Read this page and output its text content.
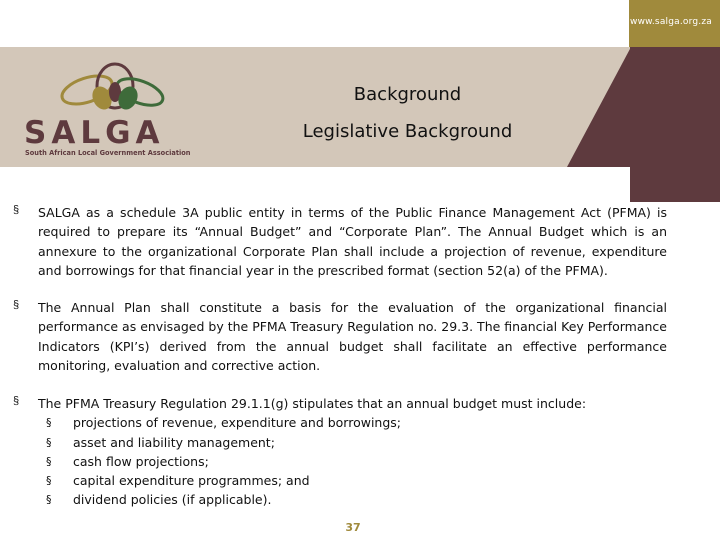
www.salga.org.za
SALGA
South African Local Government Association
Background
Legislative Background
§ SALGA as a schedule 3A public entity in terms of the Public Finance Management Act (PFMA) is required to prepare its “Annual Budget” and “Corporate Plan”. The Annual Budget which is an annexure to the organizational Corporate Plan shall include a projection of revenue, expenditure and borrowings for that financial year in the prescribed format (section 52(a) of the PFMA).
§ The Annual Plan shall constitute a basis for the evaluation of the organizational financial performance as envisaged by the PFMA Treasury Regulation no. 29.3. The financial Key Performance Indicators (KPI’s) derived from the annual budget shall facilitate an effective performance monitoring, evaluation and corrective action.
§ The PFMA Treasury Regulation 29.1.1(g) stipulates that an annual budget must include:
§ projections of revenue, expenditure and borrowings;
§ asset and liability management;
§ cash flow projections;
§ capital expenditure programmes; and
§ dividend policies (if applicable).
37
